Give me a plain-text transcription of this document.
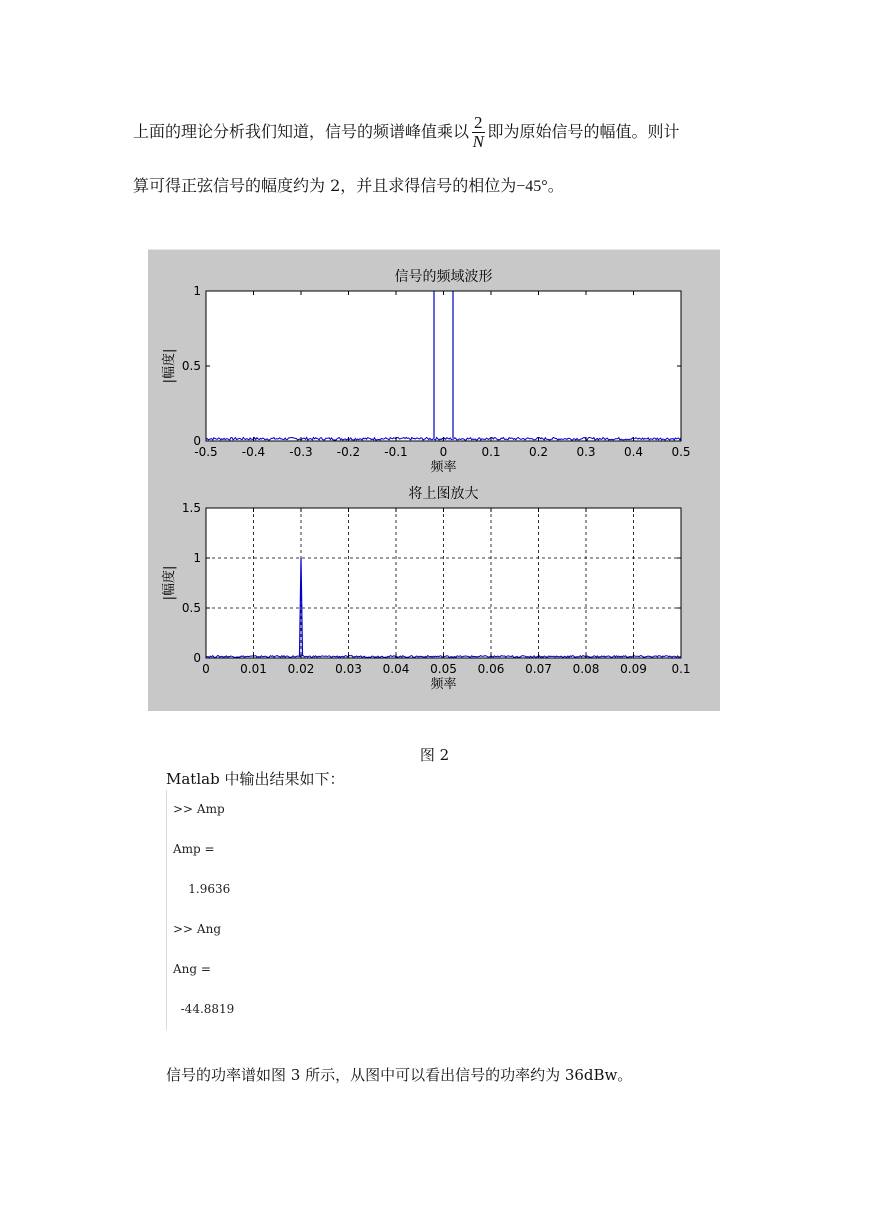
上面的理论分析我们知道，信号的频谱峰值乘以 $\frac{2}{N}$ 即为原始信号的幅值。则计
算可得正弦信号的幅度约为 2，并且求得信号的相位为−45°。
-0.5 -0.4 -0.3 -0.2 -0.1	0	0.1 0.2 0.3 0.4 0.5
0
0.5
1
信号的频域波形
频率
|幅度|
0	0.01 0.02 0.03 0.04 0.05 0.06 0.07 0.08 0.09 0.1
0
0.5
1
1.5
将上图放大
频率
|幅度|
图 2
Matlab 中输出结果如下：
>> Amp
Amp =
1.9636
>> Ang
Ang =
-44.8819
信号的功率谱如图 3 所示，从图中可以看出信号的功率约为 36dBw。
